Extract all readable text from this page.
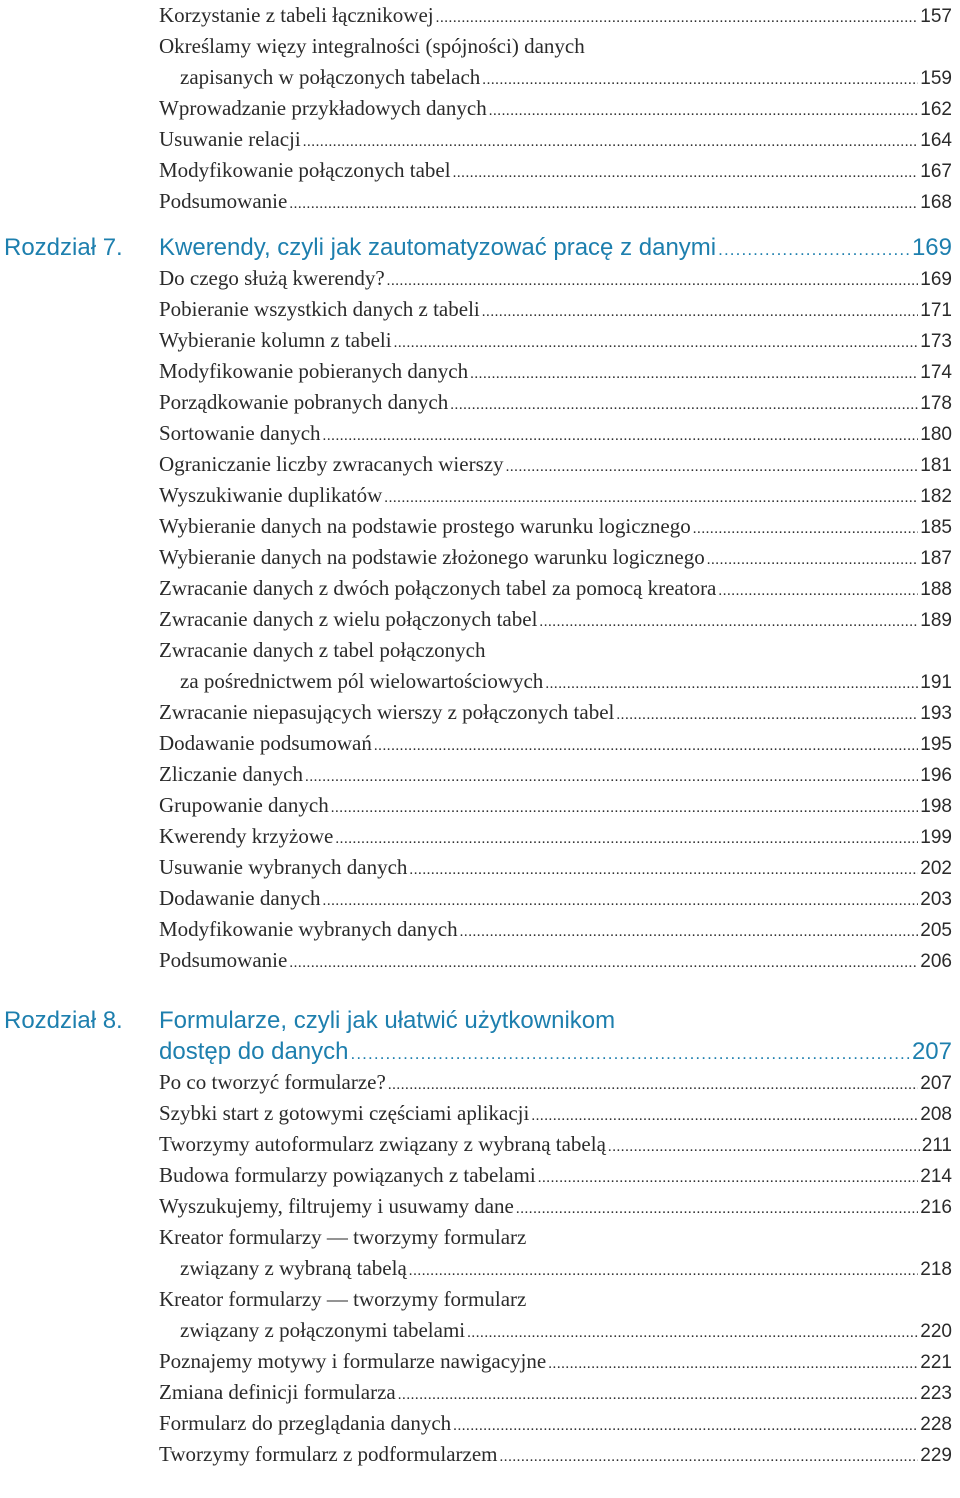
Korzystanie z tabeli łącznikowej . . .	157
Określamy więzy integralności (spójności) danych
zapisanych w połączonych tabelach . . .	159
Wprowadzanie przykładowych danych . . .	162
Usuwanie relacji . . .	164
Modyfikowanie połączonych tabel . . .	167
Podsumowanie . . .	168
Rozdział 7. Kwerendy, czyli jak zautomatyzować pracę z danymi . . .	169
Do czego służą kwerendy? . . .	169
Pobieranie wszystkich danych z tabeli . . .	171
Wybieranie kolumn z tabeli . . .	173
Modyfikowanie pobieranych danych . . .	174
Porządkowanie pobranych danych . . .	178
Sortowanie danych . . .	180
Ograniczanie liczby zwracanych wierszy . . .	181
Wyszukiwanie duplikatów . . .	182
Wybieranie danych na podstawie prostego warunku logicznego . . .	185
Wybieranie danych na podstawie złożonego warunku logicznego . . .	187
Zwracanie danych z dwóch połączonych tabel za pomocą kreatora . . .	188
Zwracanie danych z wielu połączonych tabel . . .	189
Zwracanie danych z tabel połączonych
za pośrednictwem pól wielowartościowych . . .	191
Zwracanie niepasujących wierszy z połączonych tabel . . .	193
Dodawanie podsumowań . . .	195
Zliczanie danych . . .	196
Grupowanie danych . . .	198
Kwerendy krzyżowe . . .	199
Usuwanie wybranych danych . . .	202
Dodawanie danych . . .	203
Modyfikowanie wybranych danych . . .	205
Podsumowanie . . .	206
Rozdział 8. Formularze, czyli jak ułatwić użytkownikom
dostęp do danych . . .	207
Po co tworzyć formularze? . . .	207
Szybki start z gotowymi częściami aplikacji . . .	208
Tworzymy autoformularz związany z wybraną tabelą . . .	211
Budowa formularzy powiązanych z tabelami . . .	214
Wyszukujemy, filtrujemy i usuwamy dane . . .	216
Kreator formularzy — tworzymy formularz
związany z wybraną tabelą . . .	218
Kreator formularzy — tworzymy formularz
związany z połączonymi tabelami . . .	220
Poznajemy motywy i formularze nawigacyjne . . .	221
Zmiana definicji formularza . . .	223
Formularz do przeglądania danych . . .	228
Tworzymy formularz z podformularzem . . .	229
